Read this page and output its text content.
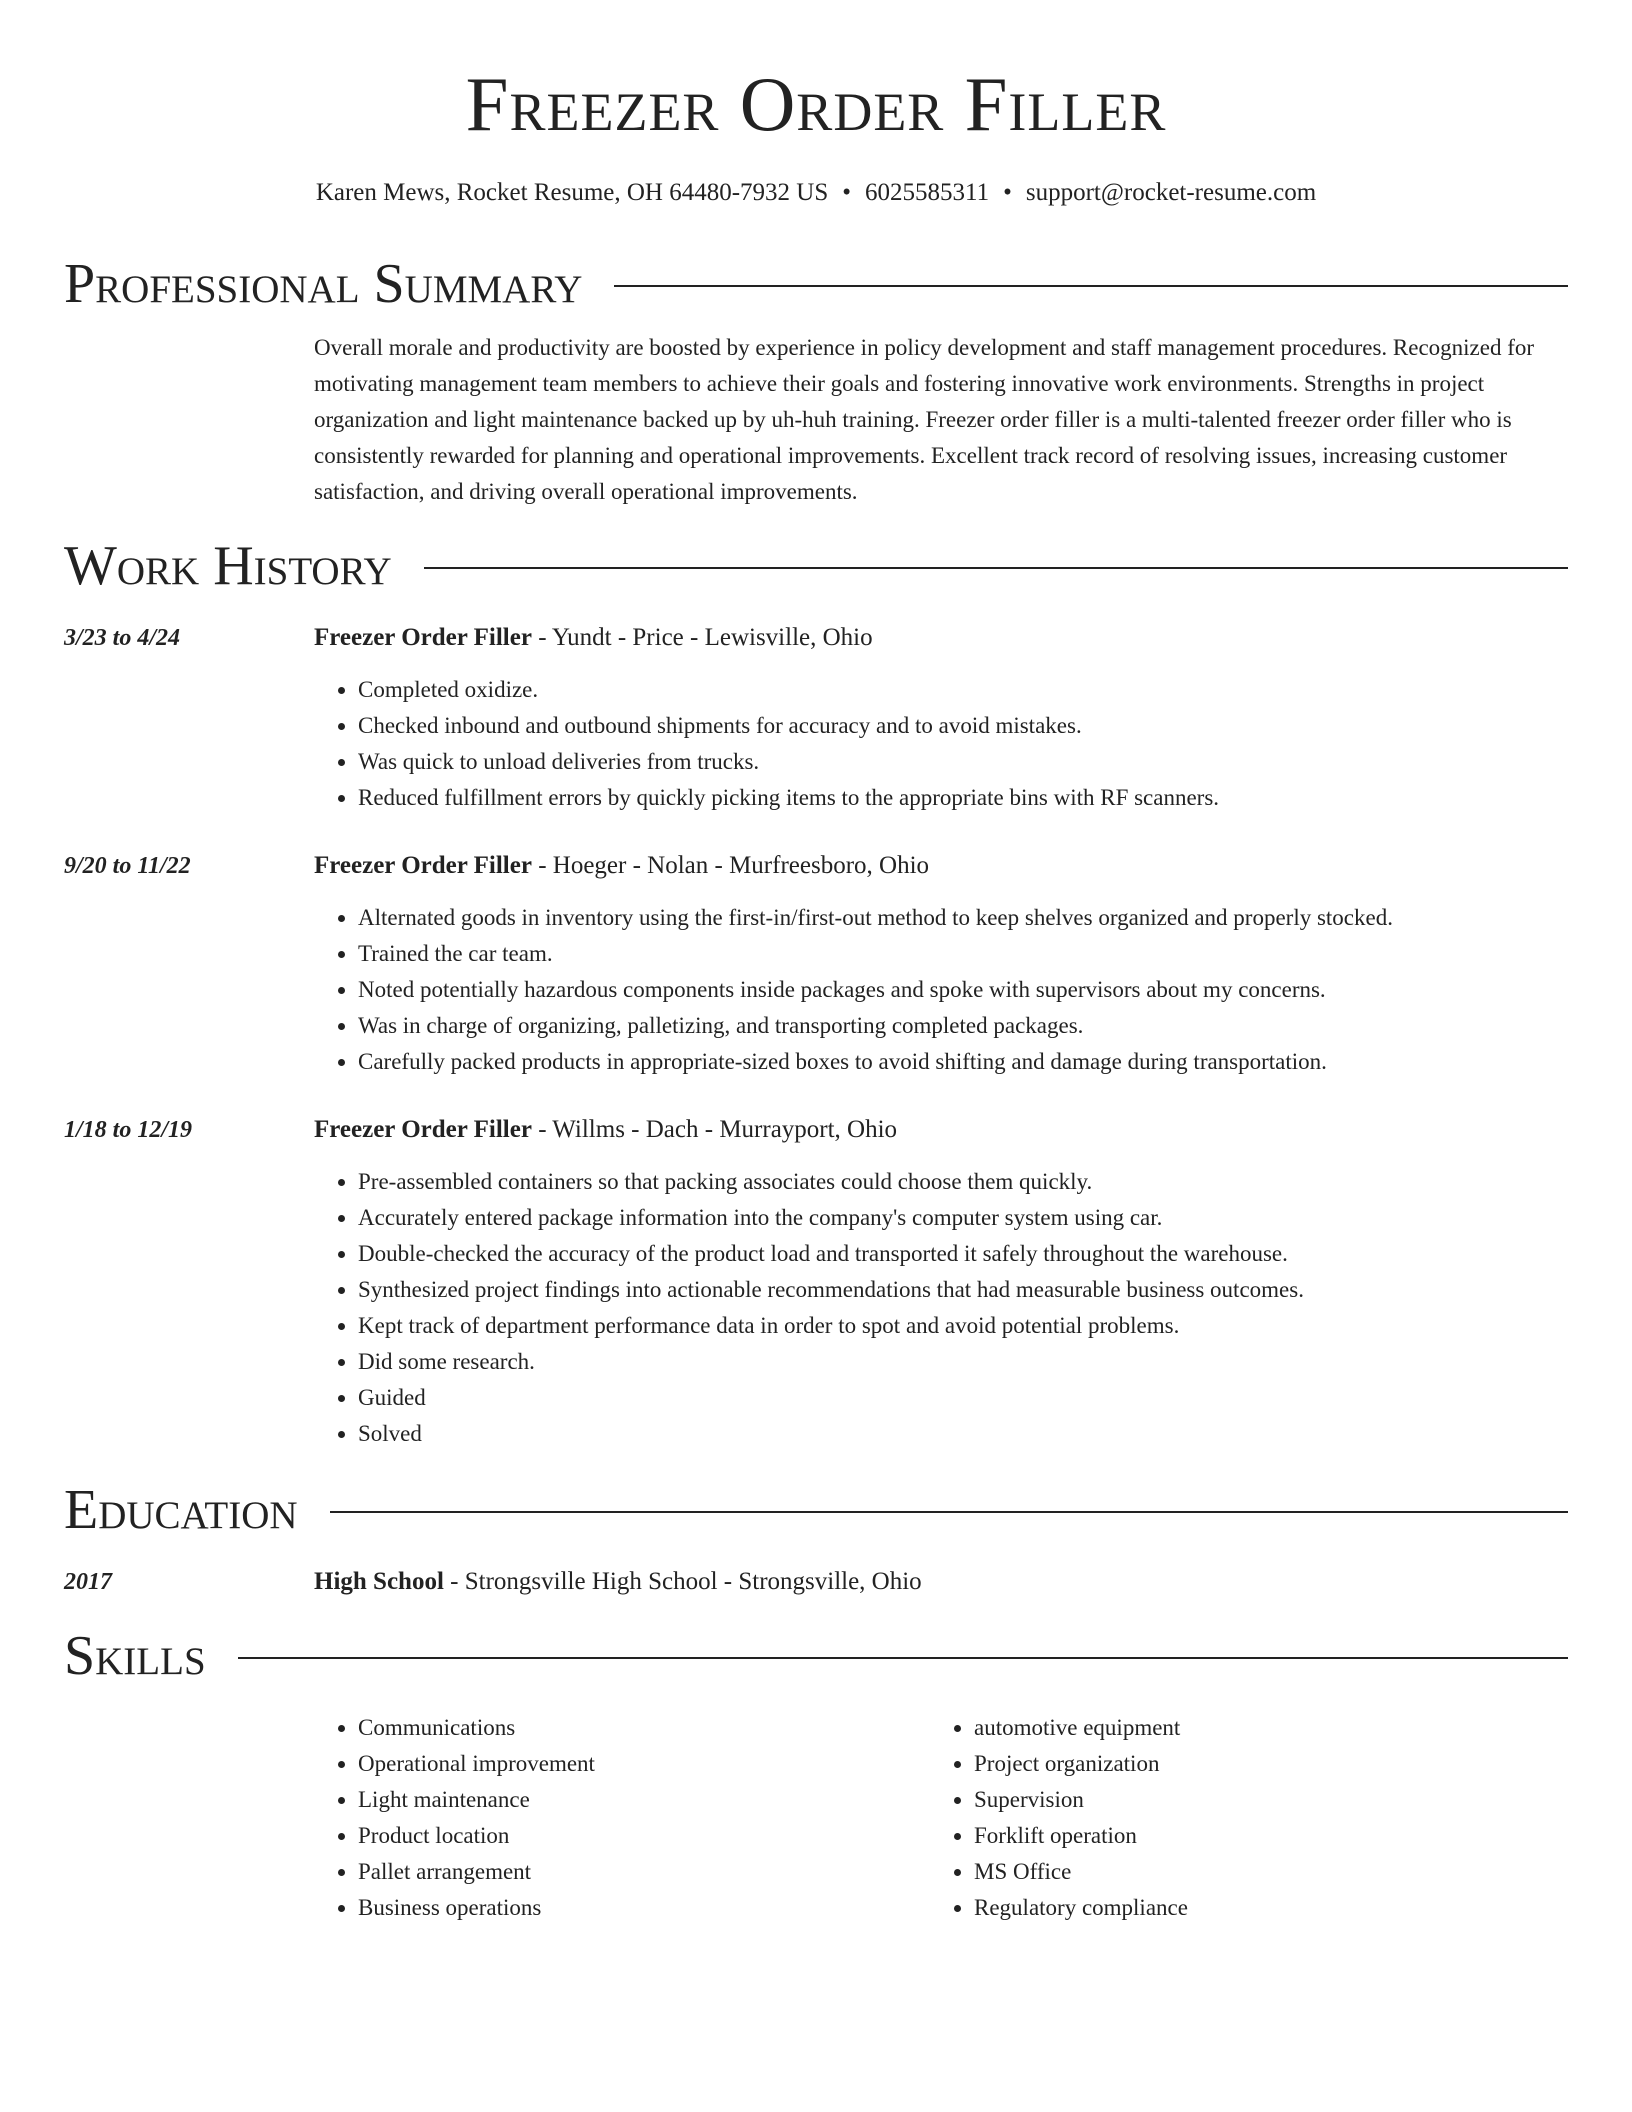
Freezer Order Filler
Karen Mews, Rocket Resume, OH 64480-7932 US • 6025585311 • support@rocket-resume.com
Professional Summary

Overall morale and productivity are boosted by experience in policy development and staff management procedures. Recognized for motivating management team members to achieve their goals and fostering innovative work environments. Strengths in project organization and light maintenance backed up by uh-huh training. Freezer order filler is a multi-talented freezer order filler who is consistently rewarded for planning and operational improvements. Excellent track record of resolving issues, increasing customer satisfaction, and driving overall operational improvements.

Work History
3/23 to 4/24	Freezer Order Filler - Yundt - Price - Lewisville, Ohio
• Completed oxidize.
• Checked inbound and outbound shipments for accuracy and to avoid mistakes.
• Was quick to unload deliveries from trucks.
• Reduced fulfillment errors by quickly picking items to the appropriate bins with RF scanners.
9/20 to 11/22	Freezer Order Filler - Hoeger - Nolan - Murfreesboro, Ohio
• Alternated goods in inventory using the first-in/first-out method to keep shelves organized and properly stocked.
• Trained the car team.
• Noted potentially hazardous components inside packages and spoke with supervisors about my concerns.
• Was in charge of organizing, palletizing, and transporting completed packages.
• Carefully packed products in appropriate-sized boxes to avoid shifting and damage during transportation.
1/18 to 12/19	Freezer Order Filler - Willms - Dach - Murrayport, Ohio
• Pre-assembled containers so that packing associates could choose them quickly.
• Accurately entered package information into the company's computer system using car.
• Double-checked the accuracy of the product load and transported it safely throughout the warehouse.
• Synthesized project findings into actionable recommendations that had measurable business outcomes.
• Kept track of department performance data in order to spot and avoid potential problems.
• Did some research.
• Guided
• Solved
Education
2017	High School - Strongsville High School - Strongsville, Ohio
Skills
• Communications
• Operational improvement
• Light maintenance
• Product location
• Pallet arrangement
• Business operations
• automotive equipment
• Project organization
• Supervision
• Forklift operation
• MS Office
• Regulatory compliance
